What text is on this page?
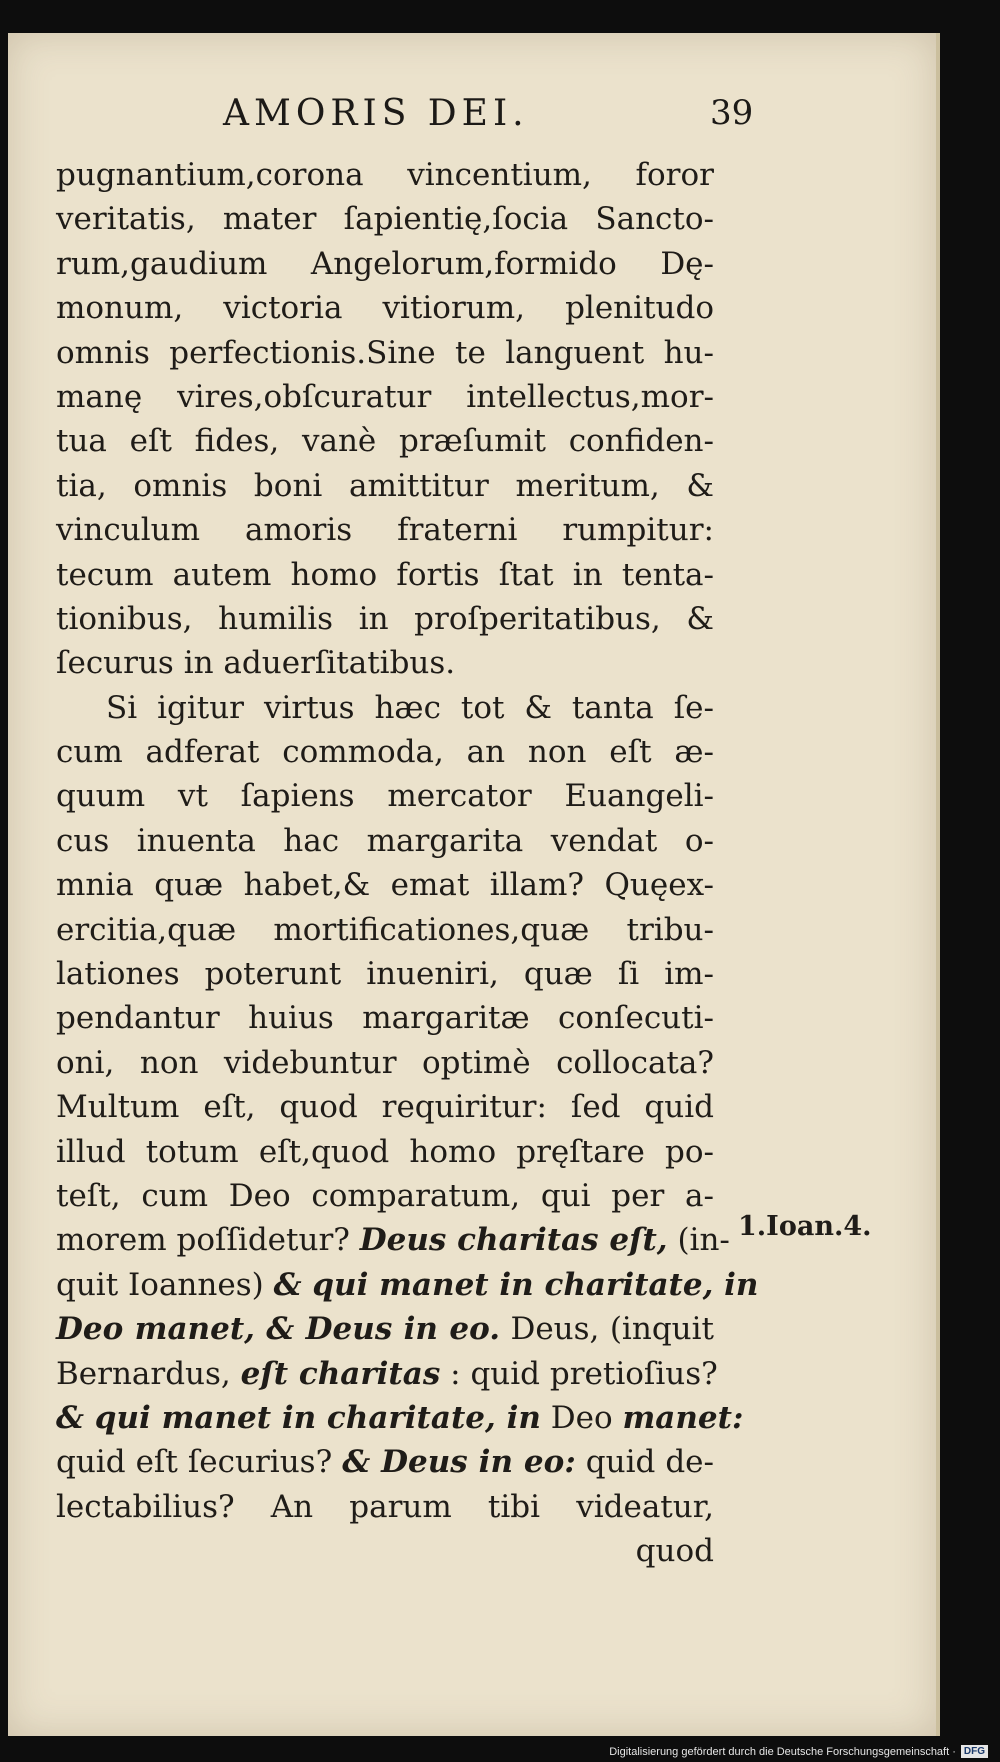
AMORIS DEI.	39
pugnantium,corona vincentium, foror
veritatis, mater ſapientię,ſocia Sancto-
rum,gaudium Angelorum,formido Dę-
monum, victoria vitiorum, plenitudo
omnis perfectionis.Sine te languent hu-
manę vires,obſcuratur intellectus,mor-
tua eſt fides, vanè præſumit confiden-
tia, omnis boni amittitur meritum, &
vinculum amoris fraterni rumpitur:
tecum autem homo fortis ſtat in tenta-
tionibus, humilis in proſperitatibus, &
ſecurus in aduerſitatibus.
Si igitur virtus hæc tot & tanta ſe-
cum adferat commoda, an non eſt æ-
quum vt ſapiens mercator Euangeli-
cus inuenta hac margarita vendat o-
mnia quæ habet,& emat illam? Quęex-
ercitia,quæ mortificationes,quæ tribu-
lationes poterunt inueniri, quæ ſi im-
pendantur huius margaritæ conſecuti-
oni, non videbuntur optimè collocata?
Multum eſt, quod requiritur: ſed quid
illud totum eſt,quod homo pręſtare po-
teſt, cum Deo comparatum, qui per a-
morem poſſidetur? Deus charitas eſt, (in-
quit Ioannes) & qui manet in charitate, in
Deo manet, & Deus in eo. Deus, (inquit
Bernardus, eſt charitas : quid pretioſius?
& qui manet in charitate, in Deo manet:
quid eſt ſecurius? & Deus in eo: quid de-
lectabilius? An parum tibi videatur,
quod
1.Ioan.4.
Digitalisierung gefördert durch die Deutsche Forschungsgemeinschaft · DFG
